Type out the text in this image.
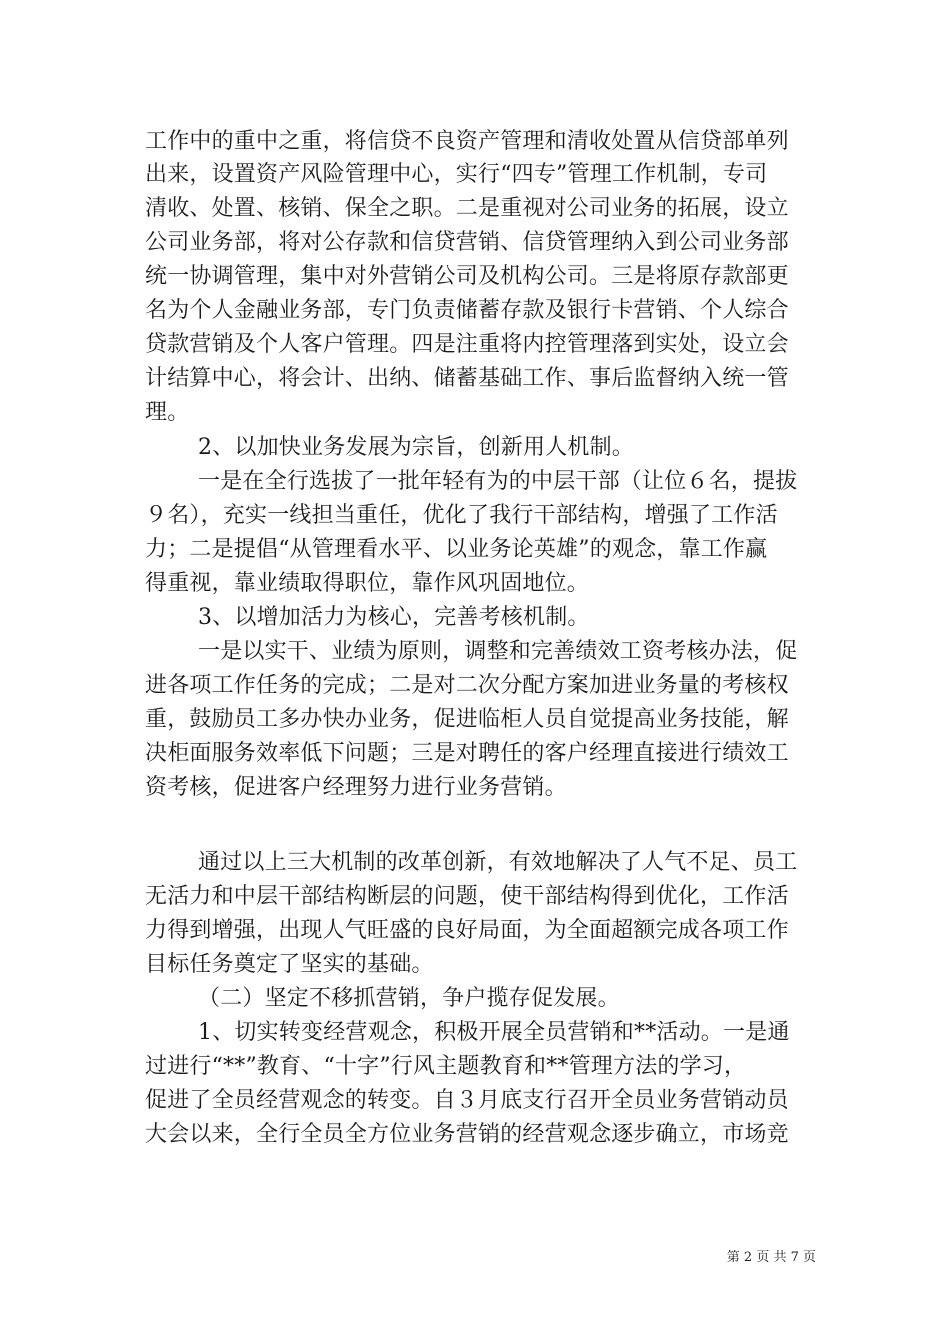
工作中的重中之重，将信贷不良资产管理和清收处置从信贷部单列
出来，设置资产风险管理中心，实行“四专”管理工作机制，专司
清收、处置、核销、保全之职。二是重视对公司业务的拓展，设立
公司业务部，将对公存款和信贷营销、信贷管理纳入到公司业务部
统一协调管理，集中对外营销公司及机构公司。三是将原存款部更
名为个人金融业务部，专门负责储蓄存款及银行卡营销、个人综合
贷款营销及个人客户管理。四是注重将内控管理落到实处，设立会
计结算中心，将会计、出纳、储蓄基础工作、事后监督纳入统一管
理。
2、以加快业务发展为宗旨，创新用人机制。
一是在全行选拔了一批年轻有为的中层干部（让位６名，提拔
９名），充实一线担当重任，优化了我行干部结构，增强了工作活
力；二是提倡“从管理看水平、以业务论英雄”的观念，靠工作赢
得重视，靠业绩取得职位，靠作风巩固地位。
3、以增加活力为核心，完善考核机制。
一是以实干、业绩为原则，调整和完善绩效工资考核办法，促
进各项工作任务的完成；二是对二次分配方案加进业务量的考核权
重，鼓励员工多办快办业务，促进临柜人员自觉提高业务技能，解
决柜面服务效率低下问题；三是对聘任的客户经理直接进行绩效工
资考核，促进客户经理努力进行业务营销。
通过以上三大机制的改革创新，有效地解决了人气不足、员工
无活力和中层干部结构断层的问题，使干部结构得到优化，工作活
力得到增强，出现人气旺盛的良好局面，为全面超额完成各项工作
目标任务奠定了坚实的基础。
（二）坚定不移抓营销，争户揽存促发展。
1、切实转变经营观念，积极开展全员营销和**活动。一是通
过进行“**”教育、“十字”行风主题教育和**管理方法的学习，
促进了全员经营观念的转变。自３月底支行召开全员业务营销动员
大会以来，全行全员全方位业务营销的经营观念逐步确立，市场竞
第 2 页 共 7 页
